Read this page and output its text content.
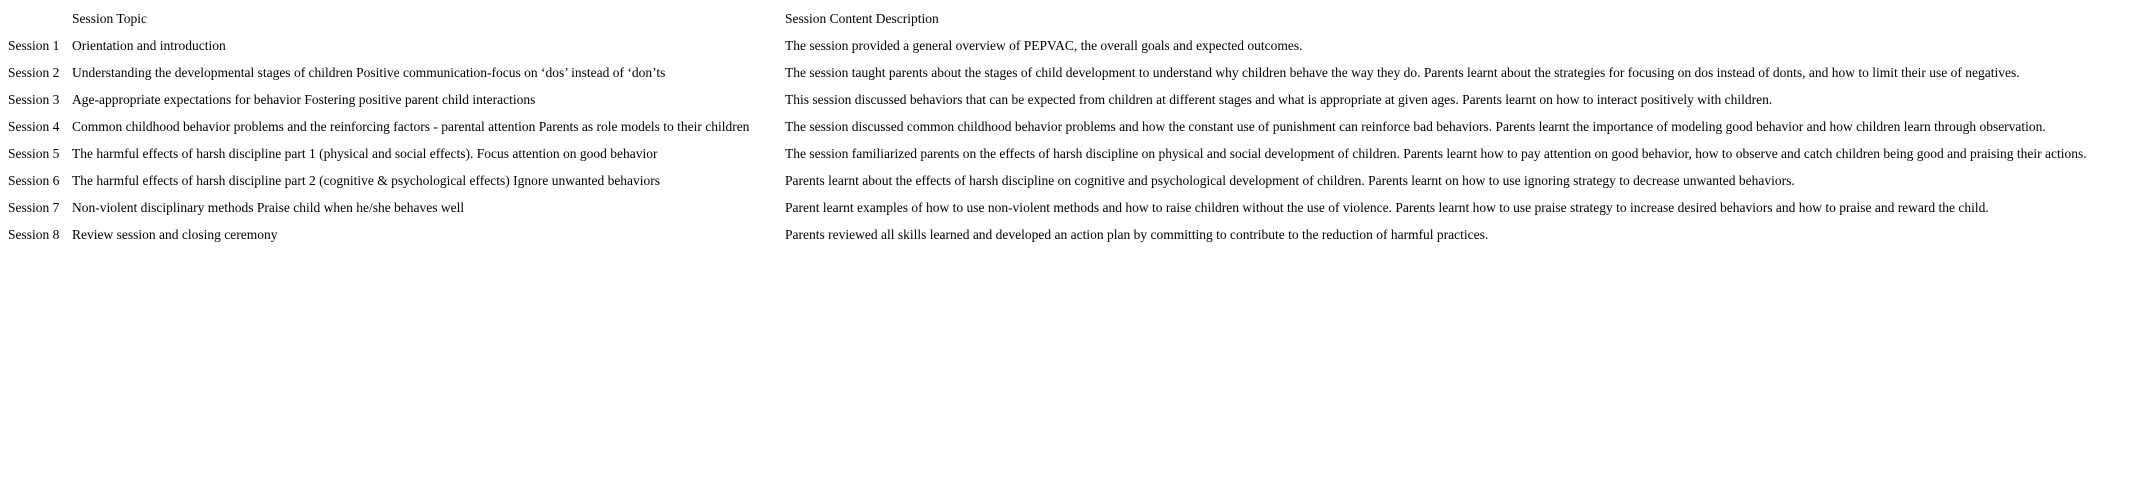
	Session Topic	Session Content Description
Session 1	Orientation and introduction	The session provided a general overview of PEPVAC, the overall goals and expected outcomes.
Session 2	Understanding the developmental stages of children Positive communication-focus on ‘dos’ instead of ‘don’ts	The session taught parents about the stages of child development to understand why children behave the way they do. Parents learnt about the strategies for focusing on dos instead of donts, and how to limit their use of negatives.
Session 3	Age-appropriate expectations for behavior Fostering positive parent child interactions	This session discussed behaviors that can be expected from children at different stages and what is appropriate at given ages. Parents learnt on how to interact positively with children.
Session 4	Common childhood behavior problems and the reinforcing factors - parental attention Parents as role models to their children	The session discussed common childhood behavior problems and how the constant use of punishment can reinforce bad behaviors. Parents learnt the importance of modeling good behavior and how children learn through observation.
Session 5	The harmful effects of harsh discipline part 1 (physical and social effects). Focus attention on good behavior	The session familiarized parents on the effects of harsh discipline on physical and social development of children. Parents learnt how to pay attention on good behavior, how to observe and catch children being good and praising their actions.
Session 6	The harmful effects of harsh discipline part 2 (cognitive & psychological effects) Ignore unwanted behaviors	Parents learnt about the effects of harsh discipline on cognitive and psychological development of children. Parents learnt on how to use ignoring strategy to decrease unwanted behaviors.
Session 7	Non-violent disciplinary methods Praise child when he/she behaves well	Parent learnt examples of how to use non-violent methods and how to raise children without the use of violence. Parents learnt how to use praise strategy to increase desired behaviors and how to praise and reward the child.
Session 8	Review session and closing ceremony	Parents reviewed all skills learned and developed an action plan by committing to contribute to the reduction of harmful practices.
